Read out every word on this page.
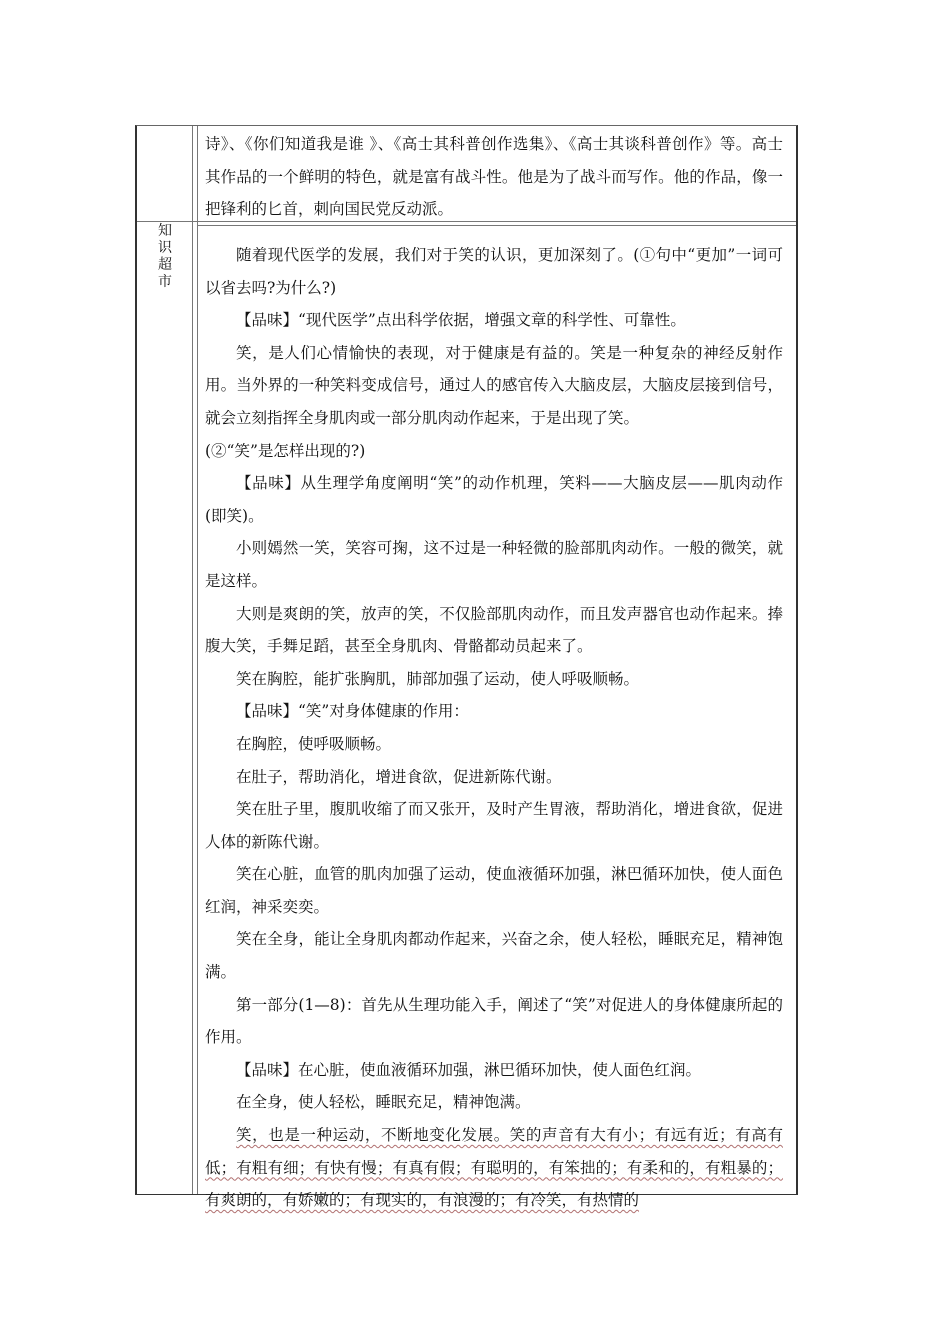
知
识
超
市

诗》、《你们知道我是谁 》、《高士其科普创作选集》、《高士其谈科普创作》等。高士其作品的一个鲜明的特色，就是富有战斗性。他是为了战斗而写作。他的作品，像一把锋利的匕首，刺向国民党反动派。

随着现代医学的发展，我们对于笑的认识，更加深刻了。(①句中“更加”一词可以省去吗?为什么?)

【品味】“现代医学”点出科学依据，增强文章的科学性、可靠性。

笑，是人们心情愉快的表现，对于健康是有益的。笑是一种复杂的神经反射作用。当外界的一种笑料变成信号，通过人的感官传入大脑皮层，大脑皮层接到信号，就会立刻指挥全身肌肉或一部分肌肉动作起来，于是出现了笑。

(②“笑”是怎样出现的?)

【品味】从生理学角度阐明“笑”的动作机理，笑料——大脑皮层——肌肉动作(即笑)。

小则嫣然一笑，笑容可掬，这不过是一种轻微的脸部肌肉动作。一般的微笑，就是这样。

大则是爽朗的笑，放声的笑，不仅脸部肌肉动作，而且发声器官也动作起来。捧腹大笑，手舞足蹈，甚至全身肌肉、骨骼都动员起来了。

笑在胸腔，能扩张胸肌，肺部加强了运动，使人呼吸顺畅。

【品味】“笑”对身体健康的作用：

在胸腔，使呼吸顺畅。

在肚子，帮助消化，增进食欲，促进新陈代谢。

笑在肚子里，腹肌收缩了而又张开，及时产生胃液，帮助消化，增进食欲，促进人体的新陈代谢。

笑在心脏，血管的肌肉加强了运动，使血液循环加强，淋巴循环加快，使人面色红润，神采奕奕。

笑在全身，能让全身肌肉都动作起来，兴奋之余，使人轻松，睡眠充足，精神饱满。

第一部分(1—8)：首先从生理功能入手，阐述了“笑”对促进人的身体健康所起的作用。

【品味】在心脏，使血液循环加强，淋巴循环加快，使人面色红润。

在全身，使人轻松，睡眠充足，精神饱满。

笑，也是一种运动，不断地变化发展。笑的声音有大有小；有远有近；有高有低；有粗有细；有快有慢；有真有假；有聪明的，有笨拙的；有柔和的，有粗暴的；有爽朗的，有娇嫩的；有现实的，有浪漫的；有冷笑，有热情的
